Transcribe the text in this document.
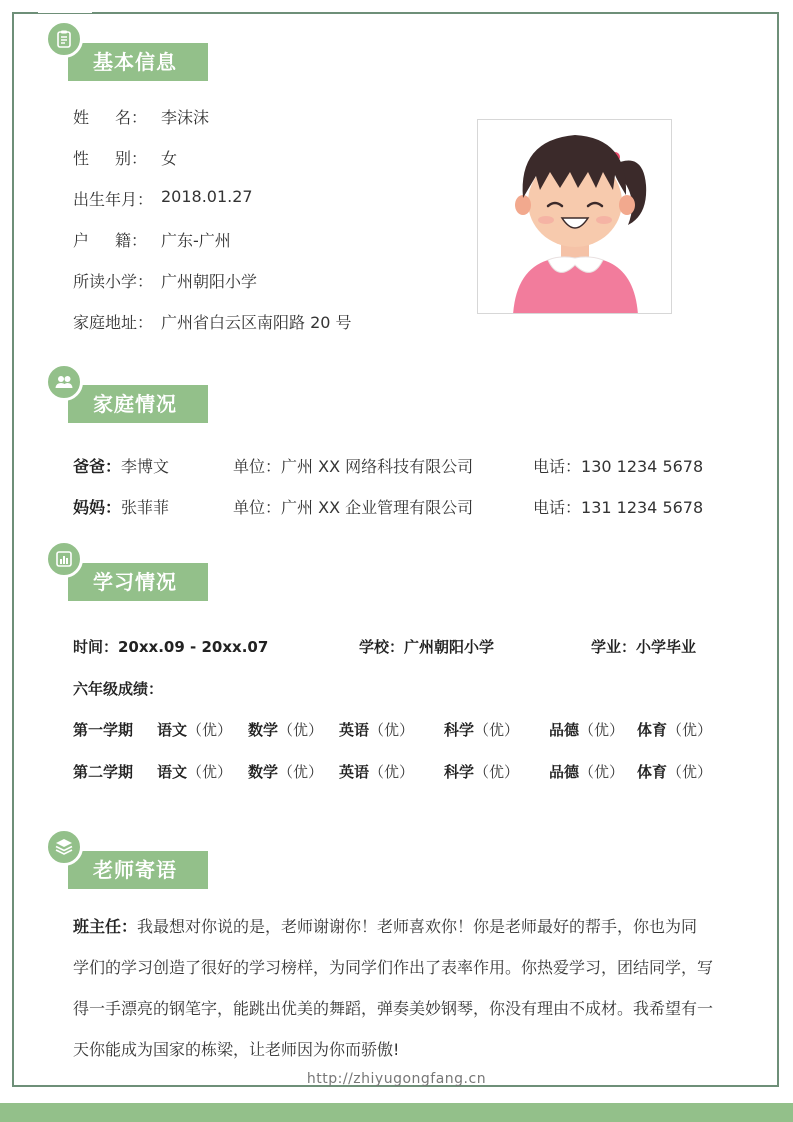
基本信息
姓 名： 李沫沫
性 别： 女
出生年月： 2018.01.27
户 籍： 广东-广州
所读小学： 广州朝阳小学
家庭地址： 广州省白云区南阳路 20 号
家庭情况
爸爸：李博文	单位：广州 XX 网络科技有限公司	电话：130 1234 5678
妈妈：张菲菲	单位：广州 XX 企业管理有限公司	电话：131 1234 5678
学习情况
时间：20xx.09 - 20xx.07	学校：广州朝阳小学	学业：小学毕业
六年级成绩：
第一学期 语文（优） 数学（优） 英语（优） 科学（优） 品德（优） 体育（优）
第二学期 语文（优） 数学（优） 英语（优） 科学（优） 品德（优） 体育（优）
老师寄语
班主任：我最想对你说的是，老师谢谢你！老师喜欢你！你是老师最好的帮手，你也为同学们的学习创造了很好的学习榜样，为同学们作出了表率作用。你热爱学习，团结同学，写得一手漂亮的钢笔字，能跳出优美的舞蹈，弹奏美妙钢琴，你没有理由不成材。我希望有一天你能成为国家的栋梁，让老师因为你而骄傲!
http://zhiyugongfang.cn
